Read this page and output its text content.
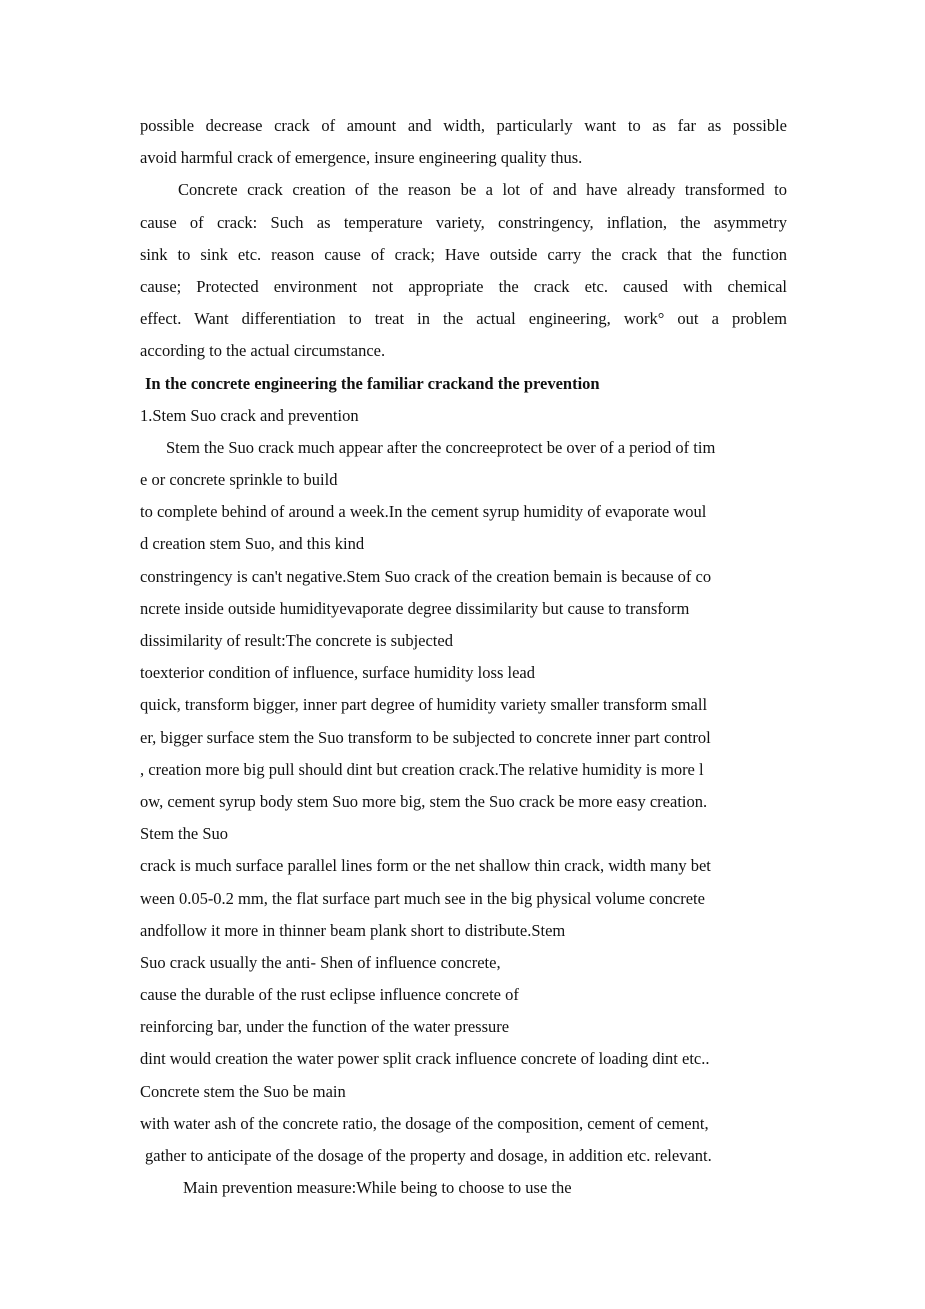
possible decrease crack of amount and width, particularly want to as far as possible
avoid harmful crack of emergence, insure engineering quality thus.
Concrete crack creation of the reason be a lot of and have already transformed to
cause of crack: Such as temperature variety, constringency, inflation, the asymmetry
sink to sink etc. reason cause of crack; Have outside carry the crack that the function
cause; Protected environment not appropriate the crack etc. caused with chemical
effect. Want differentiation to treat in the actual engineering, work° out a problem
according to the actual circumstance.
In the concrete engineering the familiar crackand the prevention
1.Stem Suo crack and prevention
Stem the Suo crack much appear after the concreeprotect be over of a period of tim
e or concrete sprinkle to build
to complete behind of around a week.In the cement syrup humidity of evaporate woul
d creation stem Suo, and this kind
constringency is can't negative.Stem Suo crack of the creation bemain is because of co
ncrete inside outside humidityevaporate degree dissimilarity but cause to transform
dissimilarity of result:The concrete is subjected
toexterior condition of influence, surface humidity loss lead
quick, transform bigger, inner part degree of humidity variety smaller transform small
er, bigger surface stem the Suo transform to be subjected to concrete inner part control
, creation more big pull should dint but creation crack.The relative humidity is more l
ow, cement syrup body stem Suo more big, stem the Suo crack be more easy creation.
Stem the Suo
crack is much surface parallel lines form or the net shallow thin crack, width many bet
ween 0.05-0.2 mm, the flat surface part much see in the big physical volume concrete
andfollow it more in thinner beam plank short to distribute.Stem
Suo crack usually the anti- Shen of influence concrete,
cause the durable of the rust eclipse influence concrete of
reinforcing bar, under the function of the water pressure
dint would creation the water power split crack influence concrete of loading dint etc..
Concrete stem the Suo be main
with water ash of the concrete ratio, the dosage of the composition, cement of cement,
gather to anticipate of the dosage of the property and dosage, in addition etc. relevant.
Main prevention measure:While being to choose to use the
